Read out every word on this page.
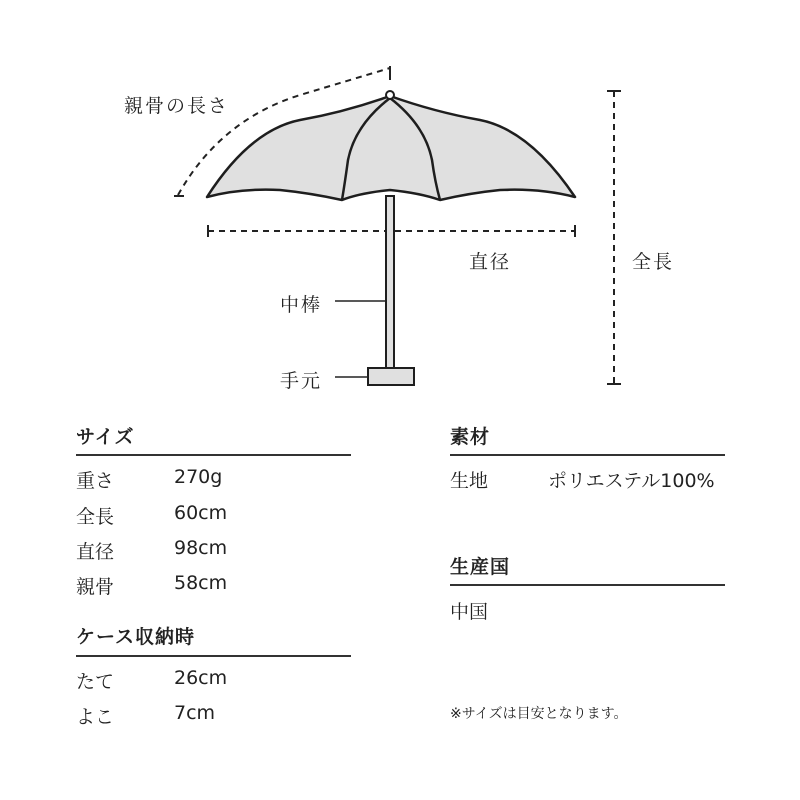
親骨の長さ
直径	全長
中棒
手元
サイズ
重さ	270g
全長	60cm
直径	98cm
親骨	58cm
ケース収納時
たて	26cm
よこ	7cm
素材
生地	ポリエステル100%
生産国
中国
※サイズは目安となります。
